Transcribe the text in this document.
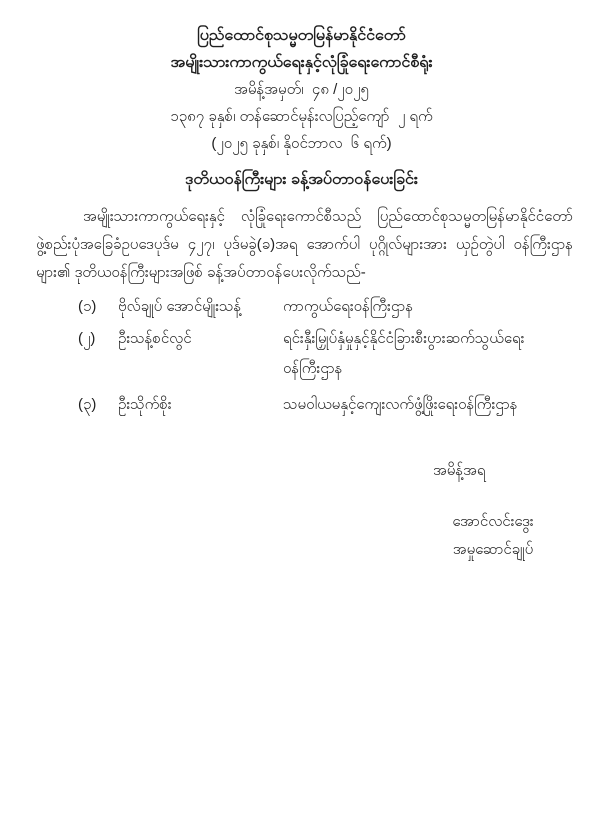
ပြည်ထောင်စုသမ္မတမြန်မာနိုင်ငံတော်
အမျိုးသားကာကွယ်ရေးနှင့်လုံခြုံရေးကောင်စီရုံး
အမိန့်အမှတ်၊  ၄၈ /၂၀၂၅
၁၃၈၇ ခုနှစ်၊ တန်ဆောင်မုန်းလပြည့်ကျော်  ၂ ရက်
(၂၀၂၅ ခုနှစ်၊ နိုဝင်ဘာလ  ၆ ရက်)
ဒုတိယဝန်ကြီးများ ခန့်အပ်တာဝန်ပေးခြင်း

အမျိုးသားကာကွယ်ရေးနှင့် လုံခြုံရေးကောင်စီသည် ပြည်ထောင်စုသမ္မတမြန်မာနိုင်ငံတော် ဖွဲ့စည်းပုံအခြေခံဥပဒေပုဒ်မ ၄၂၇၊ ပုဒ်မခွဲ(ခ)အရ အောက်ပါ ပုဂ္ဂိုလ်များအား ယှဉ်တွဲပါ ဝန်ကြီးဌာနများ၏ ဒုတိယဝန်ကြီးများအဖြစ် ခန့်အပ်တာဝန်ပေးလိုက်သည်-

(၁)	ဗိုလ်ချုပ် အောင်မျိုးသန့်	ကာကွယ်ရေးဝန်ကြီးဌာန
(၂)	ဦးသန့်စင်လွင်	ရင်းနှီးမြှုပ်နှံမှုနှင့်နိုင်ငံခြားစီးပွားဆက်သွယ်ရေး ဝန်ကြီးဌာန
(၃)	ဦးသိုက်စိုး	သမဝါယမနှင့်ကျေးလက်ဖွံ့ဖြိုးရေးဝန်ကြီးဌာန
အမိန့်အရ
အောင်လင်းဒွေး
အမှုဆောင်ချုပ်
